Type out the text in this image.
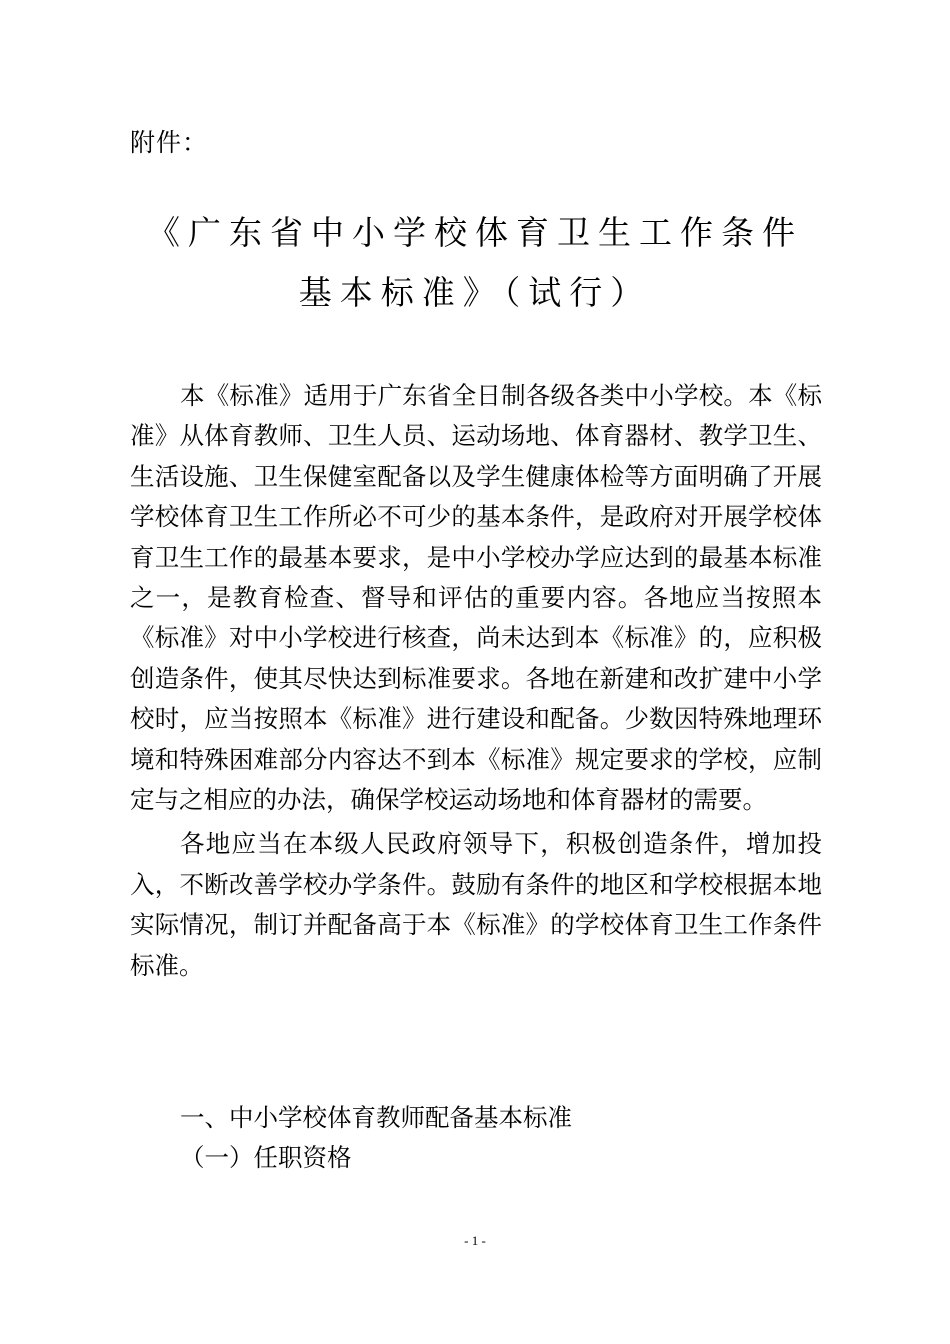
附件：
《广东省中小学校体育卫生工作条件
基本标准》（试行）

本《标准》适用于广东省全日制各级各类中小学校。本《标准》从体育教师、卫生人员、运动场地、体育器材、教学卫生、生活设施、卫生保健室配备以及学生健康体检等方面明确了开展学校体育卫生工作所必不可少的基本条件，是政府对开展学校体育卫生工作的最基本要求，是中小学校办学应达到的最基本标准之一，是教育检查、督导和评估的重要内容。各地应当按照本《标准》对中小学校进行核查，尚未达到本《标准》的，应积极创造条件，使其尽快达到标准要求。各地在新建和改扩建中小学校时，应当按照本《标准》进行建设和配备。少数因特殊地理环境和特殊困难部分内容达不到本《标准》规定要求的学校，应制定与之相应的办法，确保学校运动场地和体育器材的需要。

各地应当在本级人民政府领导下，积极创造条件，增加投入，不断改善学校办学条件。鼓励有条件的地区和学校根据本地实际情况，制订并配备高于本《标准》的学校体育卫生工作条件标准。

一、中小学校体育教师配备基本标准
（一）任职资格
- 1 -
